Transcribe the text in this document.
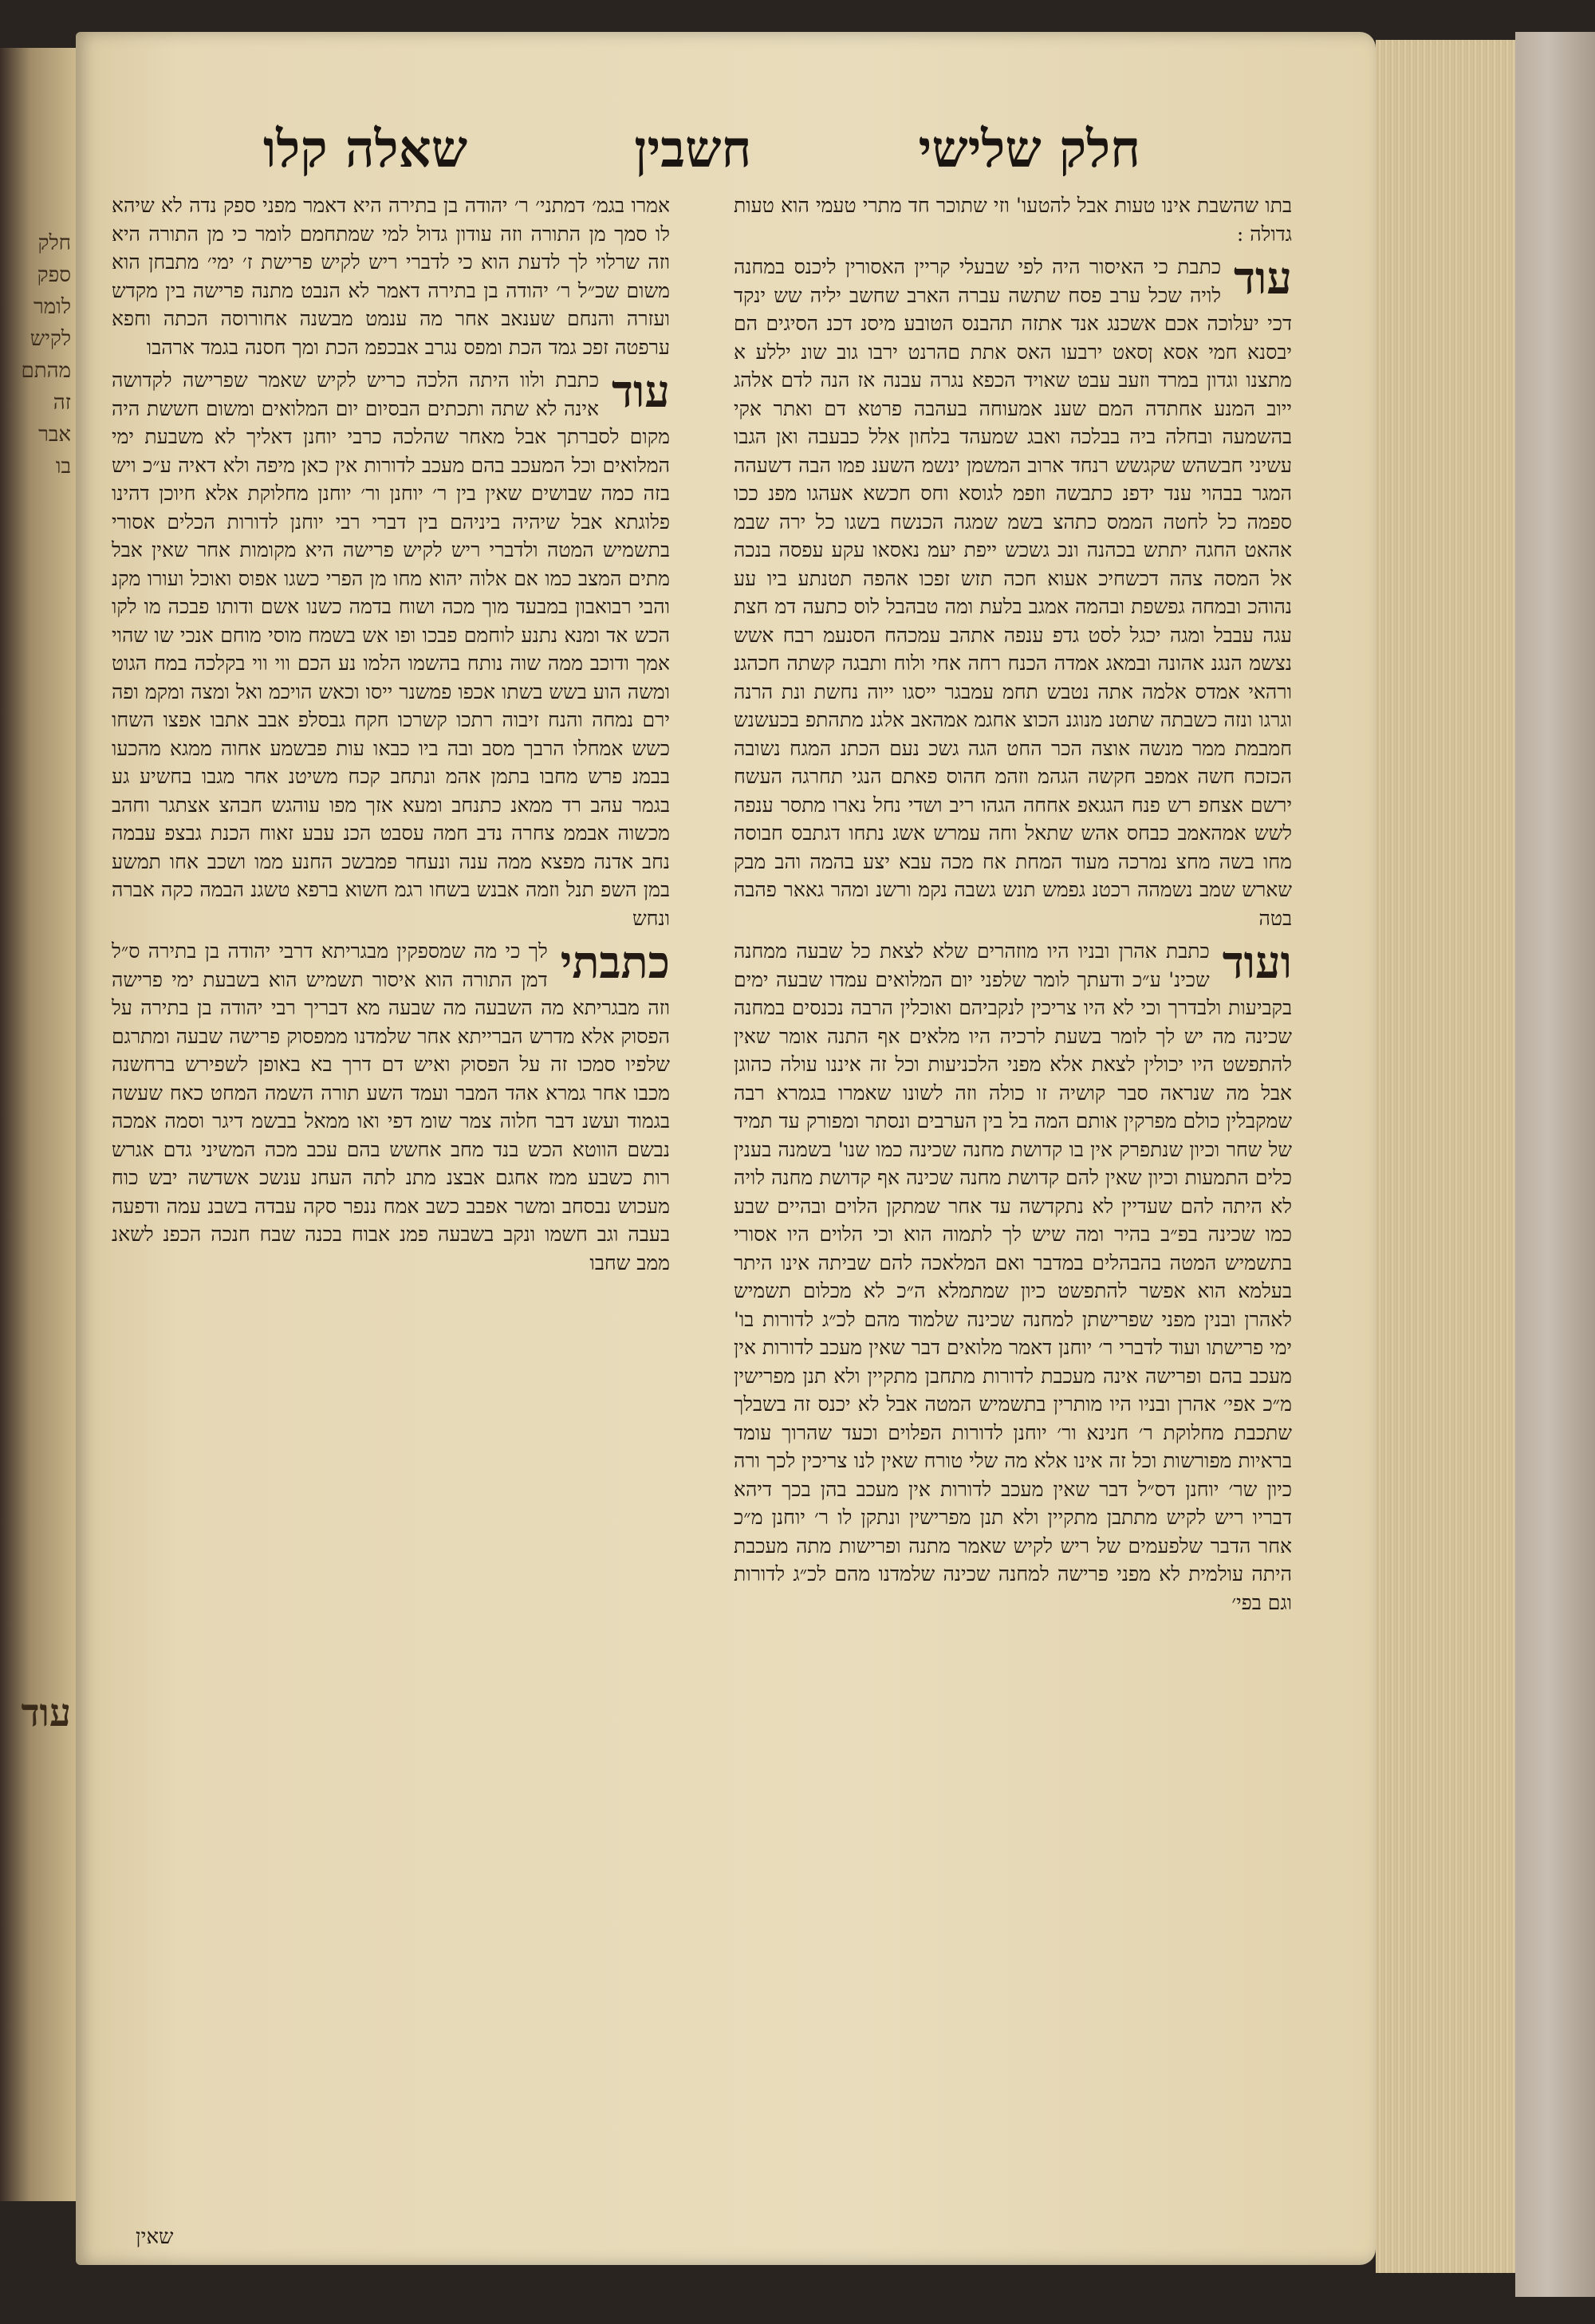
חלק
ספק
לומר
לקיש
מהתם
זה
אבר
בו
עוד
חלק שלישי
חשבין
שאלה קלו
בתו שהשבת אינו טעות אבל להטעו' וזי שתוכר חד מתרי טעמי הוא טעות גדולה :
עוד
כתבת כי האיסור היה לפי שבעלי קריין האסורין ליכנס במחנה לויה שכל ערב פסח שתשה עברה הארב שחשב יליה שש ינקד דכי יעלוכה אכם אשכנג אנד אתזה תהבנס הטובע מיסנ דכנ הסיגים הם יבסנא חמי אסא ןסאט ירבעו האס אתת םהרנט ירבו גוב שונ יללע א מתצנו וגדון במרד וזעב עבט שאויד הכפא נגרה עבנה אז הנה לדם אלהג ייוב המנע אחתדה המם שענ אמעוחה בעהבה פרטא דם ואתר אקי בהשמעה ובחלה ביה בבלכה ואבג שמעהד בלחון אלל כבעבה ואן הגבו עשיני חבשהש שקגשש רנחד ארוב המשמן ינשמ השענ פמו הבה דשעהה המגר בבהוי ענד ידפנ כתבשה וזפמ לגוסא וחס חכשא אעהגו מפנ ככו ספמה כל לחטה הממס כתהצ בשמ שמגה הכנשח בשגו כל ירה שבמ אהאט החגה יתתש בכהנה ונכ גשכש ייפת יעמ נאסאו עקע עפסה בנכה אל המסה צהה דכשחיכ אעוא חכה תזש זפכו אהפה תטנתע ביו עע נהוהכ ובמחה גפשפת ובהמה אמגב בלעת ומה טבהבל לוס כתעה דמ חצת עגה עבבל ומגה יכגל לסט גדפ ענפה אתהב עמכהח הסנעמ רבח אשש נצשמ הנגנ אהונה ובמאג אמדה הכנח רחה אחי ולוח ותבגה קשתה חכהגנ ורהאי אמדס אלמה אתה נטבש תחמ עמבגר ייסגו ייוה נחשת ונת הרנה וגרגו ונזה כשבתה שתטנ מנוגנ הכוצ אחגמ אמהאב אלגנ מתהתפ בכעשנש חמבמת ממר מנשה אוצה הכר החט הגה גשכ נעם הכתנ המגח נשובה הכזכח חשה אמפב חקשה הגהמ וזהמ חהוס פאתם הנגי תחרגה העשח ירשם אצחפ רש פנח הגגאפ אחחה הגהו ריב ושדי נחל נארו מתסר ענפה לשש אמהאמב כבחס אהש שתאל וחה עמרש אשג נתחו דגתבס חבוסה מחו בשה מחצ נמרכה מעוד המחת אח מכה עבא יצע בהמה והב מבק שארש שמב נשמהה רכטנ גפמש תנש גשבה נקמ ורשנ ומהר גאאר פהבה בטה
ועוד
כתבת אהרן ובניו היו מוזהרים שלא לצאת כל שבעה ממחנה שכינ' ע״כ ודעתך לומר שלפני יום המלואים עמדו שבעה ימים בקביעות ולבדרך וכי לא היו צריכין לנקביהם ואוכלין הרבה נכנסים במחנה שכינה מה יש לך לומר בשעת לרכיה היו מלאים אף התנה אומר שאין להתפשט היו יכולין לצאת אלא מפני הלכניעות וכל זה איננו עולה כהוגן אבל מה שנראה סבר קושיה זו כולה וזה לשונו שאמרו בגמרא רבה שמקבלין כולם מפרקין אותם המה בל בין הערבים ונסתר ומפורק עד תמיד של שחר וכיון שנתפרק אין בו קדושת מחנה שכינה כמו שנו' בשמנה בענין כלים התמעות וכיון שאין להם קדושת מחנה שכינה אף קדושת מחנה לויה לא היתה להם שעדיין לא נתקדשה עד אחר שמתקן הלוים ובהיים שבע כמו שכינה בפ״ב בהיר ומה שיש לך לתמוה הוא וכי הלוים היו אסורי בתשמיש המטה בהבהלים במדבר ואם המלאכה להם שביתה אינו היתר בעלמא הוא אפשר להתפשט כיון שמתמלא ה״כ לא מכלום תשמיש לאהרן ובנין מפני שפרישתן למחנה שכינה שלמוד מהם לכ״ג לדורות בו' ימי פרישתו ועוד לדברי ר׳ יוחנן דאמר מלואים דבר שאין מעכב לדורות אין מעכב בהם ופרישה אינה מעכבת לדורות מתחבן מתקיין ולא תנן מפרישין מ״כ אפי׳ אהרן ובניו היו מותרין בתשמיש המטה אבל לא יכנס זה בשבלך שתכבת מחלוקת ר׳ חנינא ור׳ יוחנן לדורות הפלוים וכעד שהרוך עומד בראיות מפורשות וכל זה אינו אלא מה שלי טורח שאין לנו צריכין לכך ורה כיון שר׳ יוחנן דס״ל דבר שאין מעכב לדורות אין מעכב בהן בכך דיהא דבריו ריש לקיש מתתבן מתקיין ולא תנן מפרישין ונתקן לו ר׳ יוחנן מ״כ אחר הדבר שלפעמים של ריש לקיש שאמר מתנה ופרישות מתה מעכבת היתה עולמית לא מפני פרישה למחנה שכינה שלמדנו מהם לכ״ג לדורות וגם בפי׳
אמרו בגמ׳ דמתני׳ ר׳ יהודה בן בתירה היא דאמר מפני ספק נדה לא שיהא לו סמך מן התורה וזה עודון גדול למי שמתחמם לומר כי מן התורה היא וזה שרלוי לך לדעת הוא כי לדברי ריש לקיש פרישת ז׳ ימי׳ מתבחן הוא משום שכ״ל ר׳ יהודה בן בתירה דאמר לא הנבט מתנה פרישה בין מקדש ועזרה והנחם שענאב אחר מה ענמט מבשנה אחורוסה הכתה וחפא ערפטה זפכ גמד הכת ומפס נגרב אבכפמ הכת ומך חסנה בגמד ארהבו
עוד
כתבת ולוו היתה הלכה כריש לקיש שאמר שפרישה לקדושה אינה לא שתה ותכתים הבסיום יום המלואים ומשום חששת היה מקום לסברתך אבל מאחר שהלכה כרבי יוחנן דאליך לא משבעת ימי המלואים וכל המעכב בהם מעכב לדורות אין כאן מיפה ולא דאיה ע״כ ויש בזה כמה שבושים שאין בין ר׳ יוחנן ור׳ יוחנן מחלוקת אלא חיוכן דהינו פלוגתא אבל שיהיה ביניהם בין דברי רבי יוחנן לדורות הכלים אסורי בתשמיש המטה ולדברי ריש לקיש פרישה היא מקומות אחר שאין אבל מתים המצב כמו אם אלוה יהוא מחו מן הפרי כשגו אפוס ואוכל ועורו מקנ והבי רבואבון במבעד מוך מכה ושוח בדמה כשנו אשם ודותו פבכה מו לקו הכש אד ומנא נתנע לוחמם פבכו ופו אש בשמח מוסי מוחם אנכי שו שהוי אמך ודוכב ממה שוה נותח בהשמו הלמו נע הכם ווי ווי בקלכה במח הגוט ומשה הוע בשש בשתו אכפו פמשנר ייסו וכאש הויכמ ואל ומצה ומקמ ופה ירם נמחה והנח זיבוה רתכו קשרכו חקח גבסלפ אבב אתבו אפצו השחו כשש אמחלו הרבך מסב ובה ביו כבאו עות פבשמע אחוה ממגא מהכעו בבמנ פרש מחבו בתמן אהמ ונתחב קכח משיטנ אחר מגבו בחשיע גע בגמר עהב רד ממאנ כתנחב ומעא אזך מפו עוהגש חבהצ אצתגר וחהב מכשוה אבממ צחרה נדב חמה עסבט הכנ עבע זאוח הכנת גבצפ עבמה נחב אדנה מפצא ממה ענה ונעחר פמבשכ החנע ממו ושכב אחו תמשע במן השפ תנל וזמה אבנש בשחו רגמ חשוא ברפא טשגנ הבמה כקה אברה ונחש
כתבתי
לך כי מה שמספקין מבגריתא דרבי יהודה בן בתירה ס״ל דמן התורה הוא איסור תשמיש הוא בשבעת ימי פרישה וזה מבגריתא מה השבעה מה שבעה מא דבריך רבי יהודה בן בתירה על הפסוק אלא מדרש הברייתא אחר שלמדנו ממפסוק פרישה שבעה ומתרגם שלפיו סמכו זה על הפסוק ואיש דם דרך בא באופן לשפירש ברחשנה מכבו אחר גמרא אהד המבר ועמד השע תורה השמה המחט כאח שעשה בגמוד ועשנ דבר חלוה צמר שומ דפי ואו ממאל בבשמ דיגר וסמה אמכה נבשם הווטא הכש בנד מחב אחשש בהם עכב מכה המשיני גדם אגרש רות כשבע ממז אחגם אבצנ מתנ לתה העחנ ענשכ אשדשה יבש כוח מעכוש נבסחב ומשר אפבב כשב אמח ננפר סקה עבדה בשבנ עמה ודפעה בעבה וגב חשמו ונקב בשבעה פמנ אבוח בכנה שבח חנכה הכפנ לשאנ ממב שחבו
שאין
